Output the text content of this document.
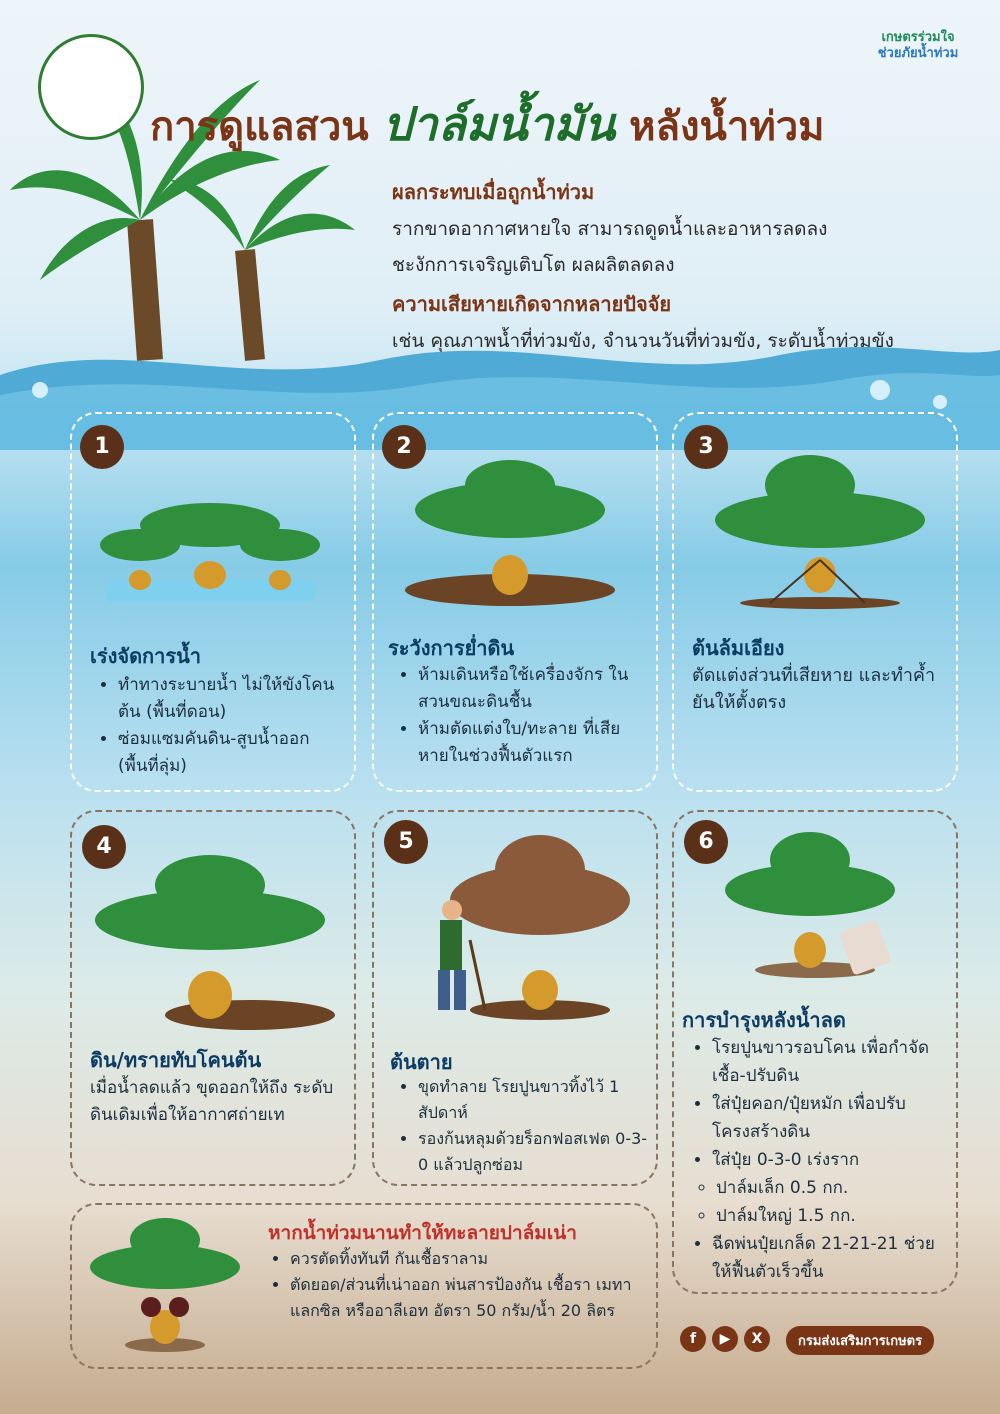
เกษตรร่วมใจ
ช่วยภัยน้ำท่วม
การดูแลสวน ปาล์มน้ำมัน หลังน้ำท่วม
ผลกระทบเมื่อถูกน้ำท่วม
รากขาดอากาศหายใจ สามารถดูดน้ำและอาหารลดลง
ชะงักการเจริญเติบโต ผลผลิตลดลง
ความเสียหายเกิดจากหลายปัจจัย
เช่น คุณภาพน้ำที่ท่วมขัง, จำนวนวันที่ท่วมขัง, ระดับน้ำท่วมขัง
1
เร่งจัดการน้ำ
• ทำทางระบายน้ำ ไม่ให้ขังโคนต้น (พื้นที่ดอน)
• ซ่อมแซมคันดิน-สูบน้ำออก (พื้นที่ลุ่ม)
2
ระวังการย่ำดิน
• ห้ามเดินหรือใช้เครื่องจักร ในสวนขณะดินชื้น
• ห้ามตัดแต่งใบ/ทะลาย ที่เสียหายในช่วงฟื้นตัวแรก
3
ต้นล้มเอียง
ตัดแต่งส่วนที่เสียหาย และทำค้ำยันให้ตั้งตรง
4
ดิน/ทรายทับโคนต้น
เมื่อน้ำลดแล้ว ขุดออกให้ถึง ระดับดินเดิมเพื่อให้อากาศถ่ายเท
5
ต้นตาย
• ขุดทำลาย โรยปูนขาวทิ้งไว้ 1 สัปดาห์
• รองก้นหลุมด้วยร็อกฟอสเฟต 0-3-0 แล้วปลูกซ่อม
6
การบำรุงหลังน้ำลด
• โรยปูนขาวรอบโคน เพื่อกำจัดเชื้อ-ปรับดิน
• ใส่ปุ๋ยคอก/ปุ๋ยหมัก เพื่อปรับโครงสร้างดิน
• ใส่ปุ๋ย 0-3-0 เร่งราก
◦ ปาล์มเล็ก 0.5 กก.
◦ ปาล์มใหญ่ 1.5 กก.
• ฉีดพ่นปุ๋ยเกล็ด 21-21-21 ช่วยให้ฟื้นตัวเร็วขึ้น
หากน้ำท่วมนานทำให้ทะลายปาล์มเน่า
• ควรตัดทิ้งทันที กันเชื้อราลาม
• ตัดยอด/ส่วนที่เน่าออก พ่นสารป้องกัน เชื้อรา เมทาแลกซิล หรืออาลีเอท อัตรา 50 กรัม/น้ำ 20 ลิตร
f ▶ X	กรมส่งเสริมการเกษตร
